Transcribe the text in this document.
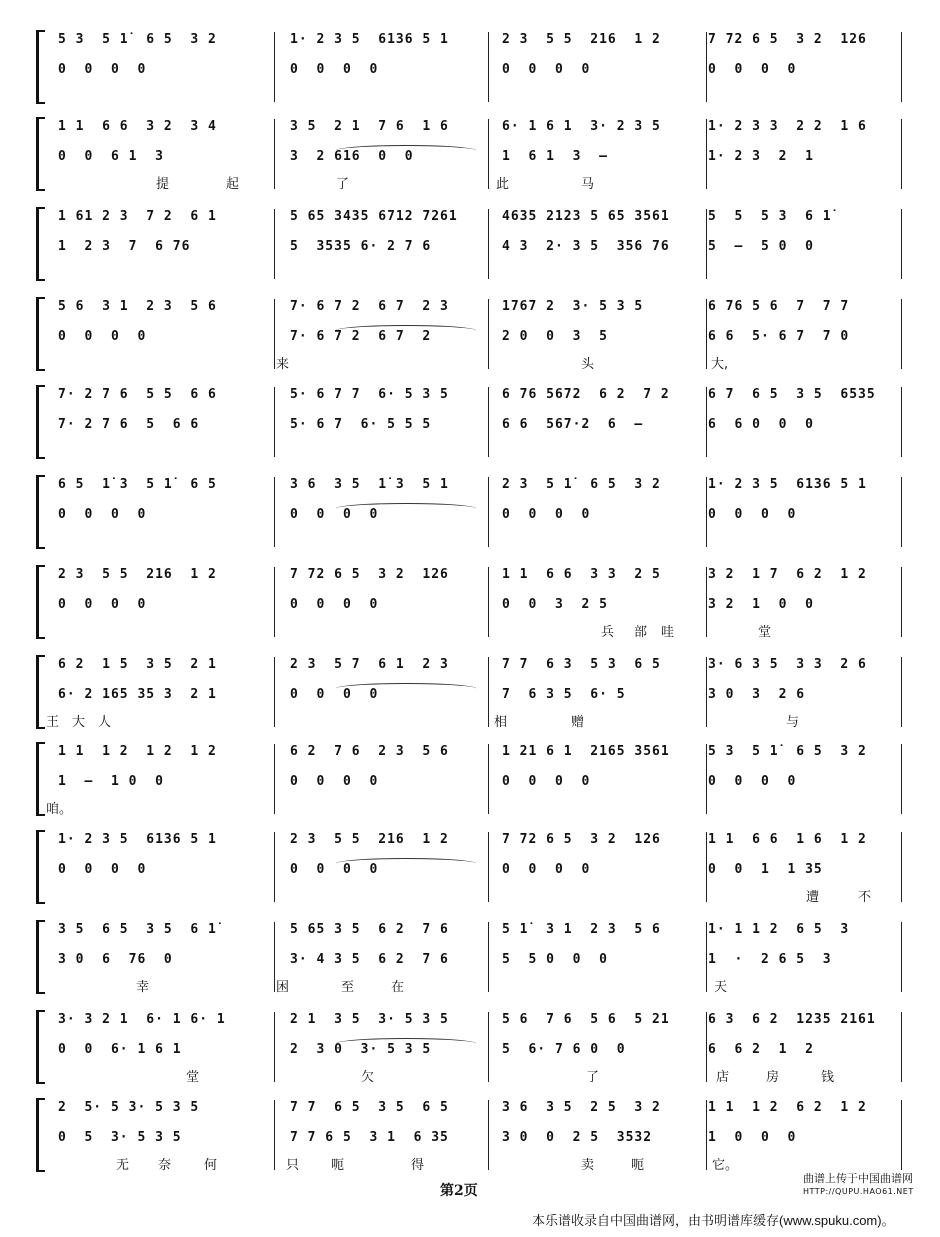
5 3  5 1̇  6 5  3 2	1· 2 3 5  6136 5 1	2 3  5 5  216  1 2	7 72 6 5  3 2  126
0  0  0  0	0  0  0  0	0  0  0  0	0  0  0  0
1 1  6 6  3 2  3 4	3 5  2 1  7 6  1 6	6· 1 6 1  3· 2 3 5	1· 2 3 3  2 2  1 6
0  0  6 1  3	3  2 616  0  0	1  6 1  3  —	1· 2 3  2  1
提	起	了	此	马
1 61 2 3  7 2  6 1	5 65 3435 6712 7261	4635 2123 5 65 3561	5  5  5 3  6 1̇
1  2 3  7  6 76	5  3535 6· 2 7 6	4 3  2· 3 5  356 76	5  —  5 0  0
5 6  3 1  2 3  5 6	7· 6 7 2  6 7  2 3	1767 2  3· 5 3 5	6 76 5 6  7  7 7
0  0  0  0	7· 6 7 2  6 7  2	2 0  0  3  5	6 6  5· 6 7  7 0
来	头	大,
7· 2 7 6  5 5  6 6	5· 6 7 7  6· 5 3 5	6 76 5672  6 2  7 2	6 7  6 5  3 5  6535
7· 2 7 6  5  6 6	5· 6 7  6· 5 5 5	6 6  567·2  6  —	6  6 0  0  0
6 5  1̇ 3  5 1̇  6 5	3 6  3 5  1̇ 3  5 1	2 3  5 1̇  6 5  3 2	1· 2 3 5  6136 5 1
0  0  0  0	0  0  0  0	0  0  0  0	0  0  0  0
2 3  5 5  216  1 2	7 72 6 5  3 2  126	1 1  6 6  3 3  2 5	3 2  1 7  6 2  1 2
0  0  0  0	0  0  0  0	0  0  3  2 5	3 2  1  0  0
兵 部 哇	堂
6 2  1 5  3 5  2 1	2 3  5 7  6 1  2 3	7 7  6 3  5 3  6 5	3· 6 3 5  3 3  2 6
6· 2 165 35 3  2 1	0  0  0  0	7  6 3 5  6· 5	3 0  3  2 6
王 大 人	相	赠	与
1 1  1 2  1 2  1 2	6 2  7 6  2 3  5 6	1 21 6 1  2165 3561	5 3  5 1̇  6 5  3 2
1  —  1 0  0	0  0  0  0	0  0  0  0	0  0  0  0
咱。
1· 2 3 5  6136 5 1	2 3  5 5  216  1 2	7 72 6 5  3 2  126	1 1  6 6  1 6  1 2
0  0  0  0	0  0  0  0	0  0  0  0	0  0  1  1 35
遭	不
3 5  6 5  3 5  6 1̇	5 65 3 5  6 2  7 6	5 1̇  3 1  2 3  5 6	1· 1 1 2  6 5  3
3 0  6  76  0	3· 4 3 5  6 2  7 6	5  5 0  0  0	1  ·  2 6 5  3
幸	困	至	在	天
3· 3 2 1  6· 1 6· 1	2 1  3 5  3· 5 3 5	5 6  7 6  5 6  5 21	6 3  6 2  1235 2161
0  0  6· 1 6 1	2  3 0  3· 5 3 5	5  6· 7 6 0  0	6  6 2  1  2
堂	欠	了	店	房	钱
2  5· 5 3· 5 3 5	7 7  6 5  3 5  6 5	3 6  3 5  2 5  3 2	1 1  1 2  6 2  1 2
0  5  3· 5 3 5	7 7 6 5  3 1  6 35	3 0  0  2 5  3532	1  0  0  0
无 奈	何	只 呃	得	卖	呃	它。
第2页
曲谱上传于中国曲谱网
HTTP://QUPU.HAO61.NET
本乐谱收录自中国曲谱网，由书明谱库缓存(www.spuku.com)。
